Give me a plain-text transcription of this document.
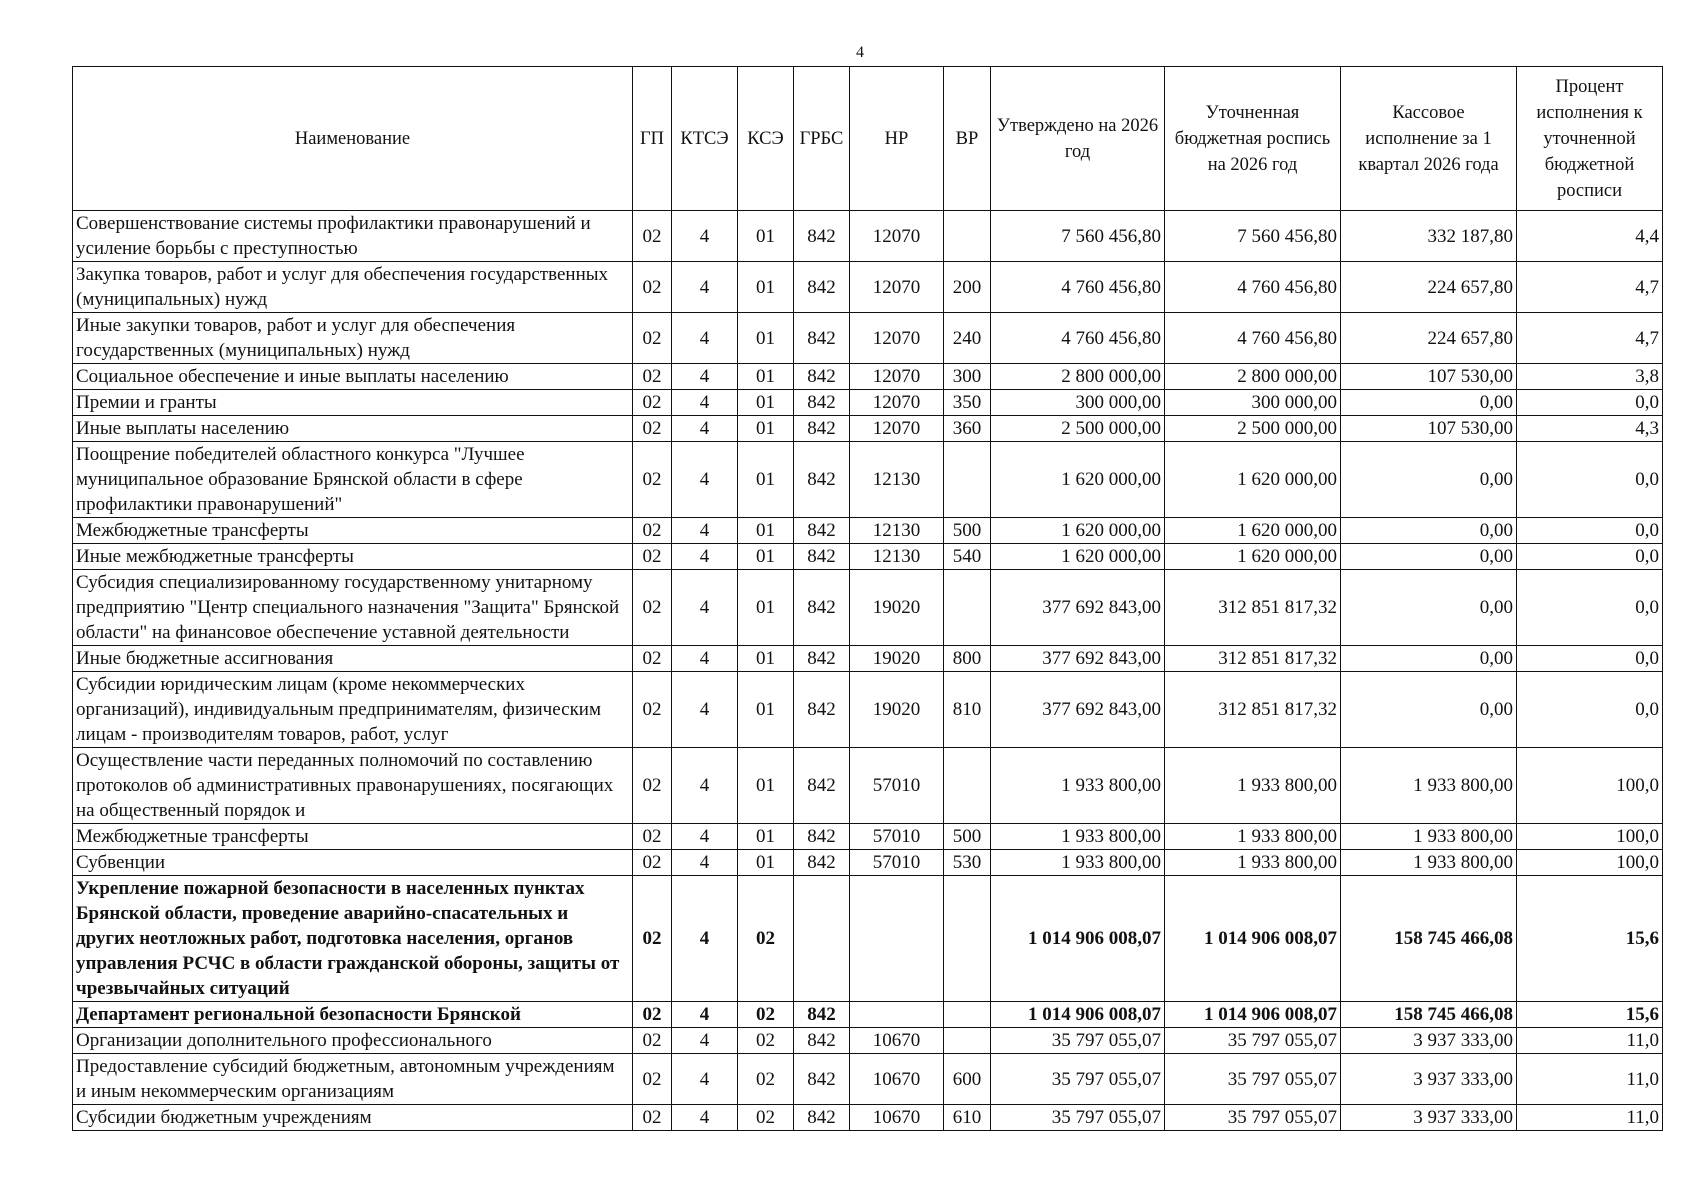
4
Наименование	ГП	КТСЭ	КСЭ	ГРБС	НР	ВР	Утверждено на 2026 год	Уточненная бюджетная роспись на 2026 год	Кассовое исполнение за 1 квартал 2026 года	Процент исполнения к уточненной бюджетной росписи
Совершенствование системы профилактики правонарушений и усиление борьбы с преступностью	02	4	01	842	12070		7 560 456,80	7 560 456,80	332 187,80	4,4
Закупка товаров, работ и услуг для обеспечения государственных (муниципальных) нужд	02	4	01	842	12070	200	4 760 456,80	4 760 456,80	224 657,80	4,7
Иные закупки товаров, работ и услуг для обеспечения государственных (муниципальных) нужд	02	4	01	842	12070	240	4 760 456,80	4 760 456,80	224 657,80	4,7
Социальное обеспечение и иные выплаты населению	02	4	01	842	12070	300	2 800 000,00	2 800 000,00	107 530,00	3,8
Премии и гранты	02	4	01	842	12070	350	300 000,00	300 000,00	0,00	0,0
Иные выплаты населению	02	4	01	842	12070	360	2 500 000,00	2 500 000,00	107 530,00	4,3
Поощрение победителей областного конкурса "Лучшее муниципальное образование Брянской области в сфере профилактики правонарушений"	02	4	01	842	12130		1 620 000,00	1 620 000,00	0,00	0,0
Межбюджетные трансферты	02	4	01	842	12130	500	1 620 000,00	1 620 000,00	0,00	0,0
Иные межбюджетные трансферты	02	4	01	842	12130	540	1 620 000,00	1 620 000,00	0,00	0,0
Субсидия специализированному государственному унитарному предприятию "Центр специального назначения "Защита" Брянской области" на финансовое обеспечение уставной деятельности	02	4	01	842	19020		377 692 843,00	312 851 817,32	0,00	0,0
Иные бюджетные ассигнования	02	4	01	842	19020	800	377 692 843,00	312 851 817,32	0,00	0,0
Субсидии юридическим лицам (кроме некоммерческих организаций), индивидуальным предпринимателям, физическим лицам - производителям товаров, работ, услуг	02	4	01	842	19020	810	377 692 843,00	312 851 817,32	0,00	0,0
Осуществление части переданных полномочий по составлению протоколов об административных правонарушениях, посягающих на общественный порядок и	02	4	01	842	57010		1 933 800,00	1 933 800,00	1 933 800,00	100,0
Межбюджетные трансферты	02	4	01	842	57010	500	1 933 800,00	1 933 800,00	1 933 800,00	100,0
Субвенции	02	4	01	842	57010	530	1 933 800,00	1 933 800,00	1 933 800,00	100,0
Укрепление пожарной безопасности в населенных пунктах Брянской области, проведение аварийно-спасательных и других неотложных работ, подготовка населения, органов управления РСЧС в области гражданской обороны, защиты от чрезвычайных ситуаций	02	4	02				1 014 906 008,07	1 014 906 008,07	158 745 466,08	15,6
Департамент региональной безопасности Брянской	02	4	02	842			1 014 906 008,07	1 014 906 008,07	158 745 466,08	15,6
Организации дополнительного профессионального	02	4	02	842	10670		35 797 055,07	35 797 055,07	3 937 333,00	11,0
Предоставление субсидий бюджетным, автономным учреждениям и иным некоммерческим организациям	02	4	02	842	10670	600	35 797 055,07	35 797 055,07	3 937 333,00	11,0
Субсидии бюджетным учреждениям	02	4	02	842	10670	610	35 797 055,07	35 797 055,07	3 937 333,00	11,0
